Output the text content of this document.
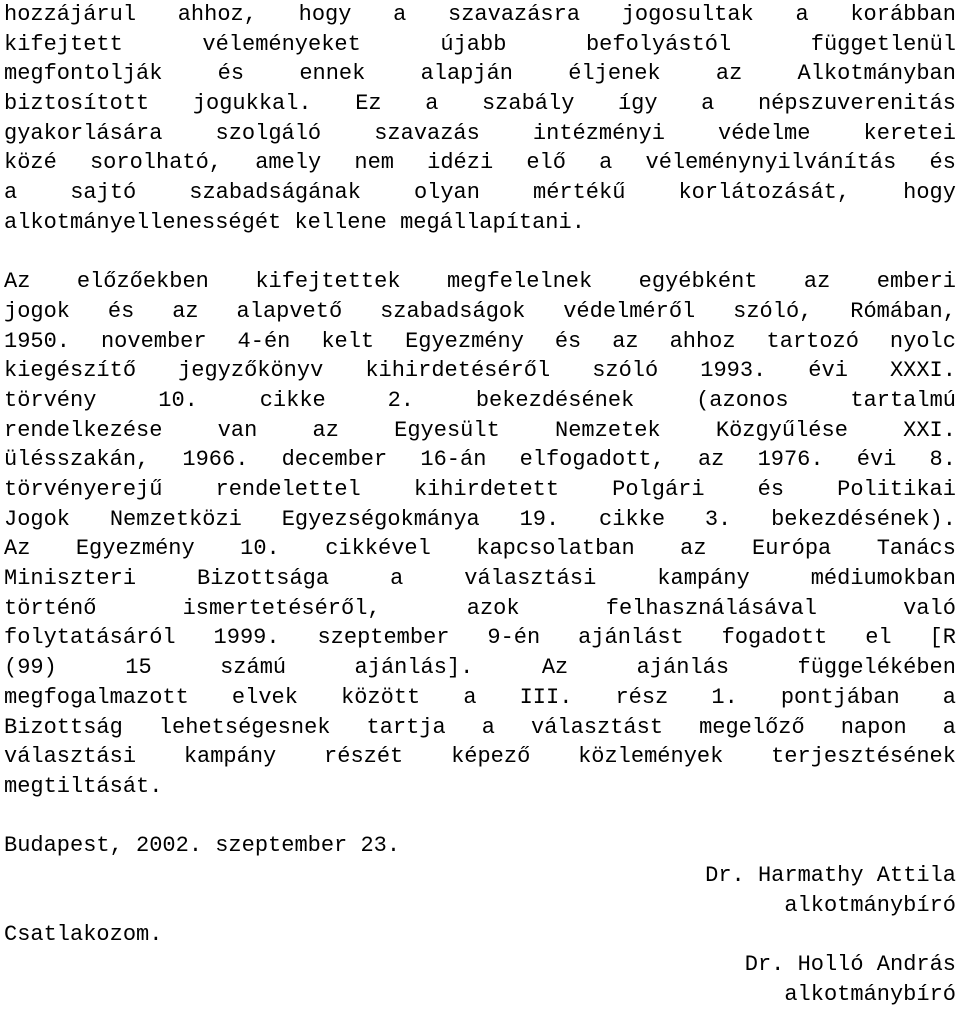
hozzájárul ahhoz, hogy a szavazásra jogosultak a korábban
kifejtett	véleményeket	újabb	befolyástól	függetlenül
megfontolják	és	ennek	alapján	éljenek	az	Alkotmányban
biztosított jogukkal. Ez a szabály így a népszuverenitás
gyakorlására szolgáló szavazás intézményi védelme keretei
közé sorolható, amely nem idézi elő a véleménynyilvánítás és
a sajtó szabadságának olyan mértékű korlátozását, hogy
alkotmányellenességét kellene megállapítani.
Az előzőekben kifejtettek megfelelnek egyébként az emberi
jogok és az alapvető szabadságok védelméről szóló, Rómában,
1950. november 4-én kelt Egyezmény és az ahhoz tartozó nyolc
kiegészítő jegyzőkönyv kihirdetéséről szóló 1993. évi XXXI.
törvény	10.	cikke	2.	bekezdésének	(azonos	tartalmú
rendelkezése	van	az	Egyesült	Nemzetek	Közgyűlése	XXI.
ülésszakán, 1966. december 16-án elfogadott, az 1976. évi 8.
törvényerejű rendelettel kihirdetett Polgári és Politikai
Jogok Nemzetközi Egyezségokmánya 19. cikke 3. bekezdésének).
Az Egyezmény 10. cikkével kapcsolatban az Európa Tanács
Miniszteri	Bizottsága	a	választási	kampány	médiumokban
történő	ismertetéséről,	azok	felhasználásával	való
folytatásáról 1999. szeptember 9-én ajánlást fogadott el [R
(99)	15	számú	ajánlás].	Az	ajánlás	függelékében
megfogalmazott elvek között a III. rész 1. pontjában a
Bizottság lehetségesnek tartja a választást megelőző napon a
választási kampány részét képező közlemények terjesztésének
megtiltását.
Budapest, 2002. szeptember 23.
Dr. Harmathy Attila
alkotmánybíró
Csatlakozom.
Dr. Holló András
alkotmánybíró
